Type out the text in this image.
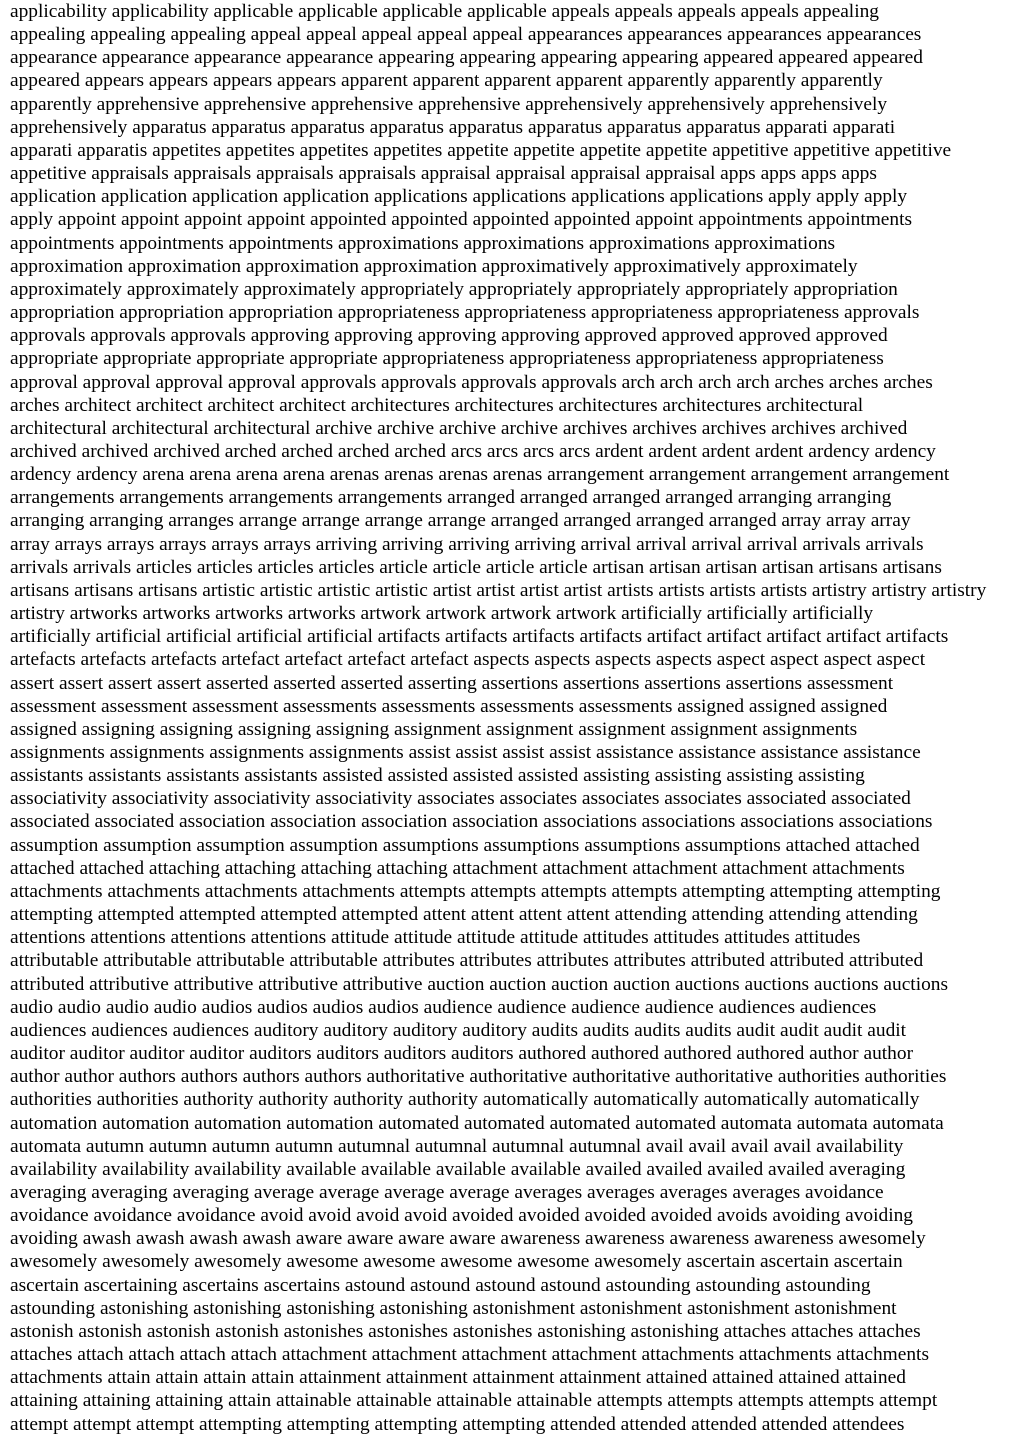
applicability applicability applicable applicable applicable applicable appeals appeals appeals appeals appealing
appealing appealing appealing appeal appeal appeal appeal appeal appearances appearances appearances appearances
appearance appearance appearance appearance appearing appearing appearing appearing appeared appeared appeared
appeared appears appears appears appears apparent apparent apparent apparent apparently apparently apparently
apparently apprehensive apprehensive apprehensive apprehensive apprehensively apprehensively apprehensively
apprehensively apparatus apparatus apparatus apparatus apparatus apparatus apparatus apparatus apparati apparati
apparati apparatis appetites appetites appetites appetites appetite appetite appetite appetite appetitive appetitive appetitive
appetitive appraisals appraisals appraisals appraisals appraisal appraisal appraisal appraisal apps apps apps apps
application application application application applications applications applications applications apply apply apply
apply appoint appoint appoint appoint appointed appointed appointed appointed appoint appointments appointments
appointments appointments appointments approximations approximations approximations approximations
approximation approximation approximation approximation approximatively approximatively approximately
approximately approximately approximately appropriately appropriately appropriately appropriately appropriation
appropriation appropriation appropriation appropriateness appropriateness appropriateness appropriateness approvals
approvals approvals approvals approving approving approving approving approved approved approved approved
appropriate appropriate appropriate appropriate appropriateness appropriateness appropriateness appropriateness
approval approval approval approval approvals approvals approvals approvals arch arch arch arch arches arches arches
arches architect architect architect architect architectures architectures architectures architectures architectural
architectural architectural architectural archive archive archive archive archives archives archives archives archived
archived archived archived arched arched arched arched arcs arcs arcs arcs ardent ardent ardent ardent ardency ardency
ardency ardency arena arena arena arena arenas arenas arenas arenas arrangement arrangement arrangement arrangement
arrangements arrangements arrangements arrangements arranged arranged arranged arranged arranging arranging
arranging arranging arranges arrange arrange arrange arrange arranged arranged arranged arranged array array array
array arrays arrays arrays arrays arrays arriving arriving arriving arriving arrival arrival arrival arrival arrivals arrivals
arrivals arrivals articles articles articles articles article article article article artisan artisan artisan artisan artisans artisans
artisans artisans artisans artistic artistic artistic artistic artist artist artist artist artists artists artists artists artistry artistry artistry
artistry artworks artworks artworks artworks artwork artwork artwork artwork artificially artificially artificially
artificially artificial artificial artificial artificial artifacts artifacts artifacts artifacts artifact artifact artifact artifact artifacts
artefacts artefacts artefacts artefact artefact artefact artefact aspects aspects aspects aspects aspect aspect aspect aspect
assert assert assert assert asserted asserted asserted asserting assertions assertions assertions assertions assessment
assessment assessment assessment assessments assessments assessments assessments assigned assigned assigned
assigned assigning assigning assigning assigning assignment assignment assignment assignment assignments
assignments assignments assignments assignments assist assist assist assist assistance assistance assistance assistance
assistants assistants assistants assistants assisted assisted assisted assisted assisting assisting assisting assisting
associativity associativity associativity associativity associates associates associates associates associated associated
associated associated association association association association associations associations associations associations
assumption assumption assumption assumption assumptions assumptions assumptions assumptions attached attached
attached attached attaching attaching attaching attaching attachment attachment attachment attachment attachments
attachments attachments attachments attachments attempts attempts attempts attempts attempting attempting attempting
attempting attempted attempted attempted attempted attent attent attent attent attending attending attending attending
attentions attentions attentions attentions attitude attitude attitude attitude attitudes attitudes attitudes attitudes
attributable attributable attributable attributable attributes attributes attributes attributes attributed attributed attributed
attributed attributive attributive attributive attributive auction auction auction auction auctions auctions auctions auctions
audio audio audio audio audios audios audios audios audience audience audience audience audiences audiences
audiences audiences audiences auditory auditory auditory auditory audits audits audits audits audit audit audit audit
auditor auditor auditor auditor auditors auditors auditors auditors authored authored authored authored author author
author author authors authors authors authors authoritative authoritative authoritative authoritative authorities authorities
authorities authorities authority authority authority authority automatically automatically automatically automatically
automation automation automation automation automated automated automated automated automata automata automata
automata autumn autumn autumn autumn autumnal autumnal autumnal autumnal avail avail avail avail availability
availability availability availability available available available available availed availed availed availed averaging
averaging averaging averaging average average average average averages averages averages averages avoidance
avoidance avoidance avoidance avoid avoid avoid avoid avoided avoided avoided avoided avoids avoiding avoiding
avoiding awash awash awash awash aware aware aware aware awareness awareness awareness awareness awesomely
awesomely awesomely awesomely awesome awesome awesome awesome awesomely ascertain ascertain ascertain
ascertain ascertaining ascertains ascertains astound astound astound astound astounding astounding astounding
astounding astonishing astonishing astonishing astonishing astonishment astonishment astonishment astonishment
astonish astonish astonish astonish astonishes astonishes astonishes astonishing astonishing attaches attaches attaches
attaches attach attach attach attach attachment attachment attachment attachment attachments attachments attachments
attachments attain attain attain attain attainment attainment attainment attainment attained attained attained attained
attaining attaining attaining attain attainable attainable attainable attainable attempts attempts attempts attempts attempt
attempt attempt attempt attempting attempting attempting attempting attended attended attended attended attendees
